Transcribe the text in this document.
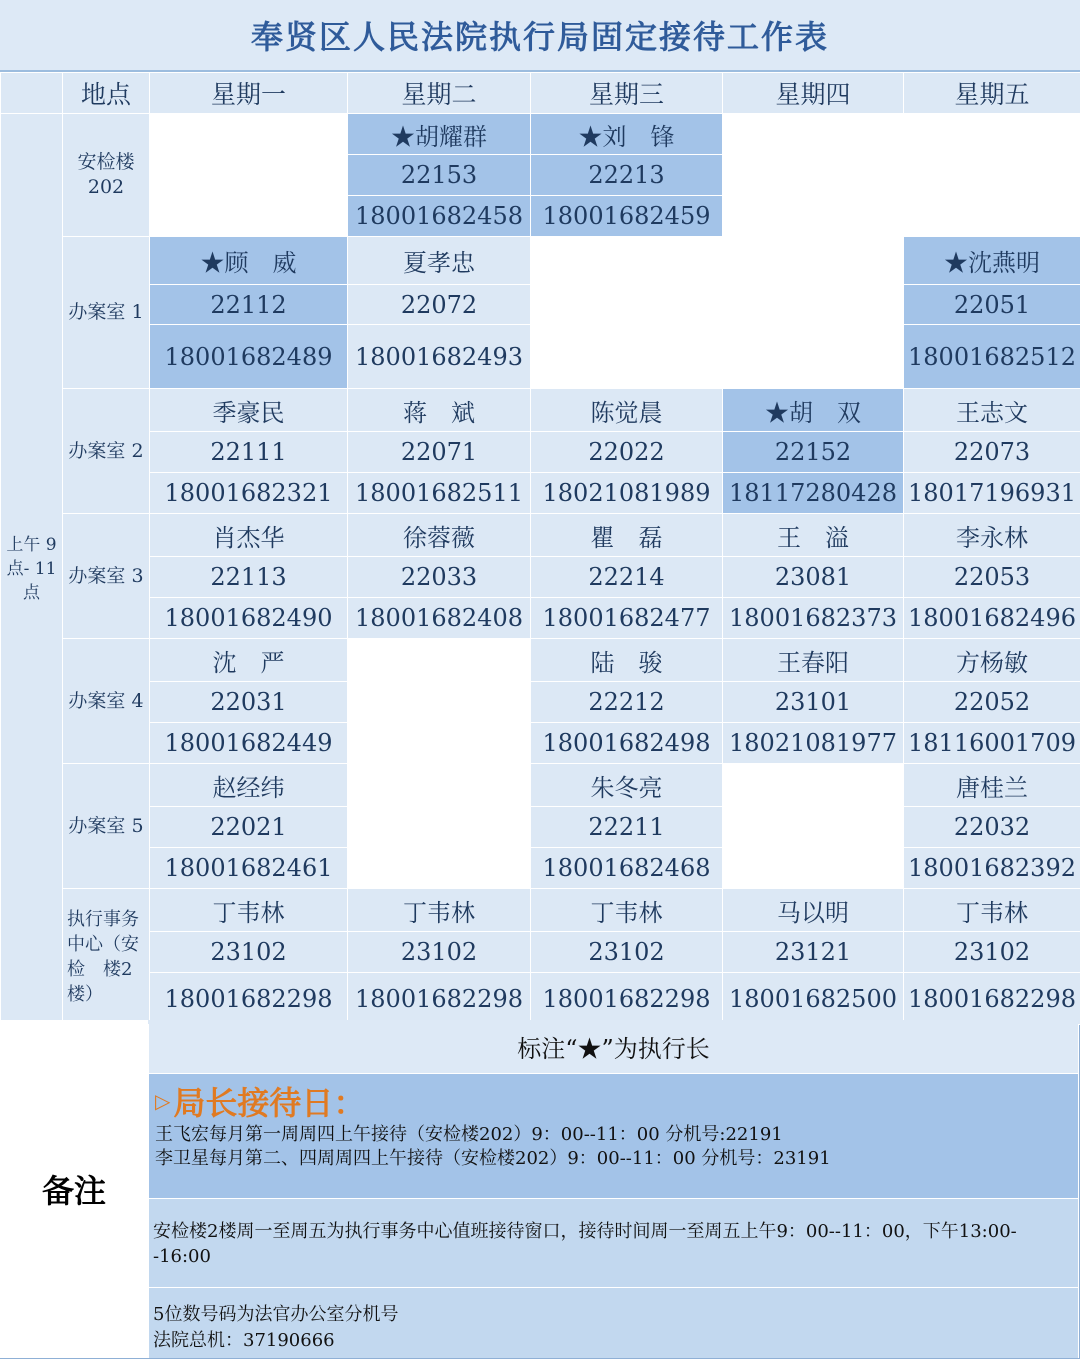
奉贤区人民法院执行局固定接待工作表
	地点	星期一	星期二	星期三	星期四	星期五
上午 9 点- 11点	安检楼 202		★胡耀群	★刘　锋		
			22153	22213		
			18001682458	18001682459		
	办案室 1	★顾　威	夏孝忠			★沈燕明
		22112	22072			22051
		18001682489	18001682493			18001682512
	办案室 2	季豪民	蒋　斌	陈觉晨	★胡　双	王志文
		22111	22071	22022	22152	22073
		18001682321	18001682511	18021081989	18117280428	18017196931
	办案室 3	肖杰华	徐蓉薇	瞿　磊	王　溢	李永林
		22113	22033	22214	23081	22053
		18001682490	18001682408	18001682477	18001682373	18001682496
	办案室 4	沈　严		陆　骏	王春阳	方杨敏
		22031		22212	23101	22052
		18001682449		18001682498	18021081977	18116001709
	办案室 5	赵经纬		朱冬亮		唐桂兰
		22021		22211		22032
		18001682461		18001682468		18001682392
	执行事务中心（安检　楼2楼）	丁韦林	丁韦林	丁韦林	马以明	丁韦林
		23102	23102	23102	23121	23102
		18001682298	18001682298	18001682298	18001682500	18001682298
备注
标注“★”为执行长
▷ 局长接待日：
王飞宏每月第一周周四上午接待（安检楼202）9：00--11：00 分机号:22191
李卫星每月第二、四周周四上午接待（安检楼202）9：00--11：00 分机号：23191
安检楼2楼周一至周五为执行事务中心值班接待窗口，接待时间周一至周五上午9：00--11：00，下午13:00--16:00
5位数号码为法官办公室分机号
法院总机：37190666
